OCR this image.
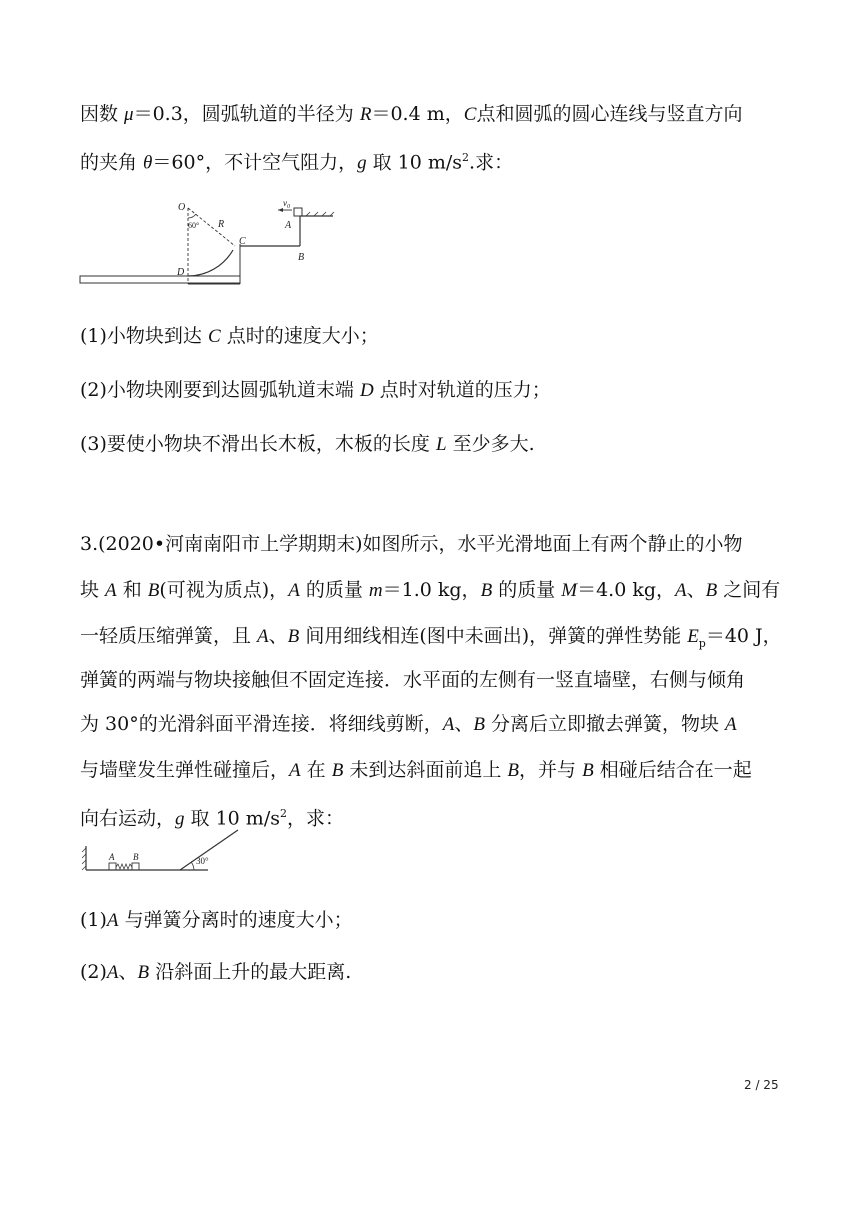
因数 μ＝0.3，圆弧轨道的半径为 R＝0.4 m，C点和圆弧的圆心连线与竖直方向
的夹角 θ＝60°，不计空气阻力，g 取 10 $m/s^2$.求：
O
R
C
D
A
B
$v_0$
60°
(1)小物块到达 C 点时的速度大小；
(2)小物块刚要到达圆弧轨道末端 D 点时对轨道的压力；
(3)要使小物块不滑出长木板，木板的长度 L 至少多大.
3.(2020•河南南阳市上学期期末)如图所示，水平光滑地面上有两个静止的小物
块 A 和 B(可视为质点)，A 的质量 m＝1.0 kg，B 的质量 M＝4.0 kg，A、B 之间有
一轻质压缩弹簧，且 A、B 间用细线相连(图中未画出)，弹簧的弹性势能 $E_p=40$ J，
弹簧的两端与物块接触但不固定连接．水平面的左侧有一竖直墙壁，右侧与倾角
为 30°的光滑斜面平滑连接．将细线剪断，A、B 分离后立即撤去弹簧，物块 A
与墙壁发生弹性碰撞后，A 在 B 未到达斜面前追上 B，并与 B 相碰后结合在一起
向右运动，g 取 10 $m/s^2$，求：
A B	30°
(1)A 与弹簧分离时的速度大小；
(2)A、B 沿斜面上升的最大距离.
2 / 25
